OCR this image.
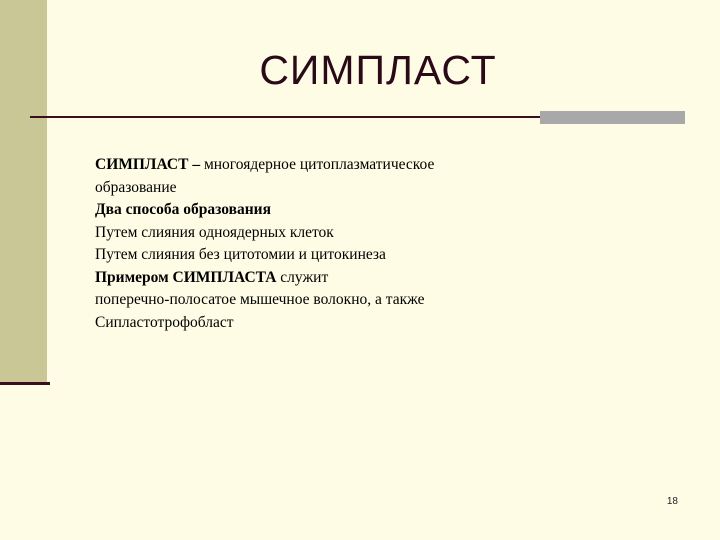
СИМПЛАСТ
СИМПЛАСТ – многоядерное цитоплазматическое
образование
Два способа образования
Путем слияния одноядерных клеток
Путем слияния без цитотомии и цитокинеза
Примером СИМПЛАСТА служит
поперечно-полосатое мышечное волокно, а также
Сипластотрофобласт
18
